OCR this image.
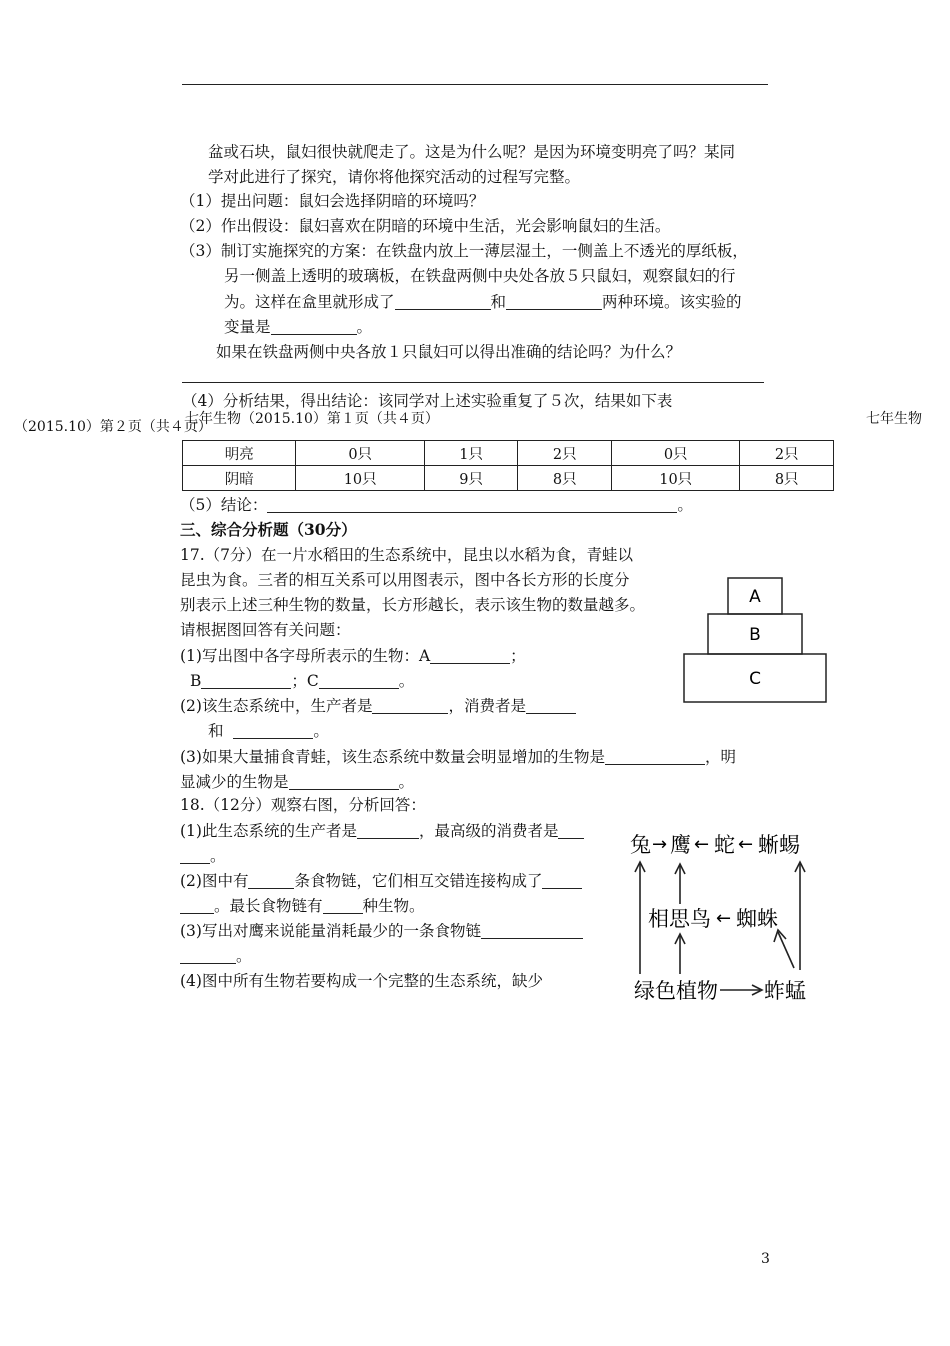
盆或石块，鼠妇很快就爬走了。这是为什么呢？是因为环境变明亮了吗？某同
学对此进行了探究，请你将他探究活动的过程写完整。
（1）提出问题：鼠妇会选择阴暗的环境吗？
（2）作出假设：鼠妇喜欢在阴暗的环境中生活，光会影响鼠妇的生活。
（3）制订实施探究的方案：在铁盘内放上一薄层湿土，一侧盖上不透光的厚纸板，
另一侧盖上透明的玻璃板，在铁盘两侧中央处各放５只鼠妇，观察鼠妇的行
为。这样在盒里就形成了	和	两种环境。该实验的
变量是	。
如果在铁盘两侧中央各放１只鼠妇可以得出准确的结论吗？为什么？
（4）分析结果，得出结论：该同学对上述实验重复了５次，结果如下表
七年生物（2015.10）第１页（共４页）	七年生物
（2015.10）第２页（共４页）
明亮	0只	1只	2只	0只	2只
阴暗	10只	9只	8只	10只	8只
（5）结论：	。
三、综合分析题（30分）
17.（7分）在一片水稻田的生态系统中，昆虫以水稻为食，青蛙以
昆虫为食。三者的相互关系可以用图表示，图中各长方形的长度分
别表示上述三种生物的数量，长方形越长，表示该生物的数量越多。
请根据图回答有关问题：
(1)写出图中各字母所表示的生物：A	；
B	；C	。
(2)该生态系统中，生产者是	，消费者是
和	。
(3)如果大量捕食青蛙，该生态系统中数量会明显增加的生物是	，明
显减少的生物是	。
A
B
C
18.（12分）观察右图，分析回答：
(1)此生态系统的生产者是	，最高级的消费者是
。
(2)图中有	条食物链，它们相互交错连接构成了
。最长食物链有	种生物。
(3)写出对鹰来说能量消耗最少的一条食物链
。
(4)图中所有生物若要构成一个完整的生态系统，缺少
兔 → 鹰 ← 蛇 ← 蜥蜴
相思鸟 ← 蜘蛛
绿色植物 蚱蜢
3
